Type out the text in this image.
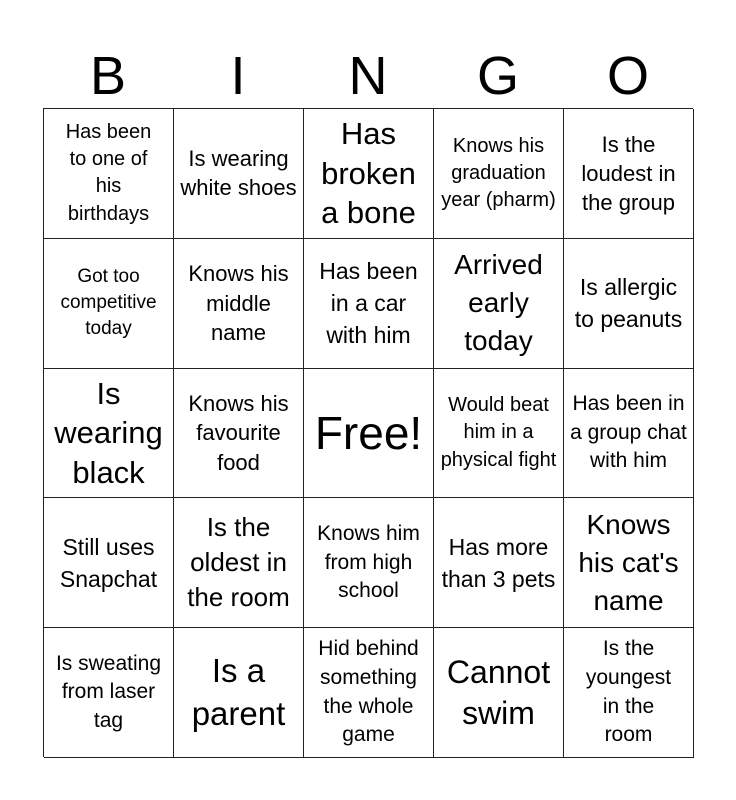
B	I	N	G	O
Has been to one of his birthdays
Is wearing white shoes
Has broken a bone
Knows his graduation year (pharm)
Is the loudest in the group
Got too competitive today
Knows his middle name
Has been in a car with him
Arrived early today
Is allergic to peanuts
Is wearing black
Knows his favourite food
Free!
Would beat him in a physical fight
Has been in a group chat with him
Still uses Snapchat
Is the oldest in the room
Knows him from high school
Has more than 3 pets
Knows his cat's name
Is sweating from laser tag
Is a parent
Hid behind something the whole game
Cannot swim
Is the youngest in the room
